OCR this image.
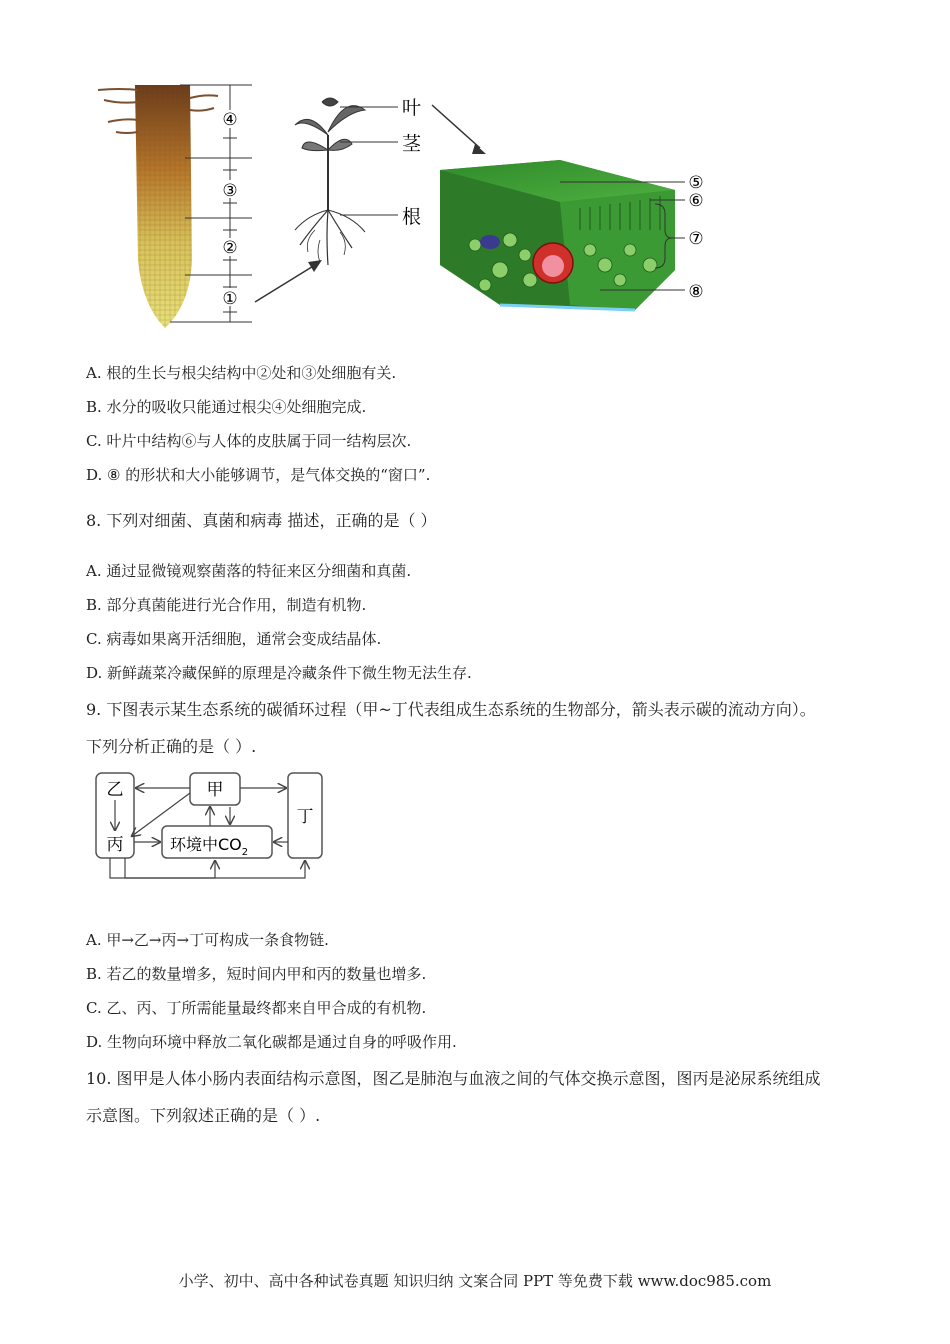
④
③
②
①
叶
茎
根
⑤
⑥
⑦
⑧
A. 根的生长与根尖结构中②处和③处细胞有关.
B. 水分的吸收只能通过根尖④处细胞完成.
C. 叶片中结构⑥与人体的皮肤属于同一结构层次.
D. ⑧ 的形状和大小能够调节，是气体交换的“窗口”.
8. 下列对细菌、真菌和病毒 描述，正确的是（ ）
A. 通过显微镜观察菌落的特征来区分细菌和真菌.
B. 部分真菌能进行光合作用，制造有机物.
C. 病毒如果离开活细胞，通常会变成结晶体.
D. 新鲜蔬菜冷藏保鲜的原理是冷藏条件下微生物无法生存.
9. 下图表示某生态系统的碳循环过程（甲~丁代表组成生态系统的生物部分，箭头表示碳的流动方向）。
下列分析正确的是（ ）.
乙
丙
甲
丁
环境中$CO_2$
A. 甲→乙→丙→丁可构成一条食物链.
B. 若乙的数量增多，短时间内甲和丙的数量也增多.
C. 乙、丙、丁所需能量最终都来自甲合成的有机物.
D. 生物向环境中释放二氧化碳都是通过自身的呼吸作用.
10. 图甲是人体小肠内表面结构示意图，图乙是肺泡与血液之间的气体交换示意图，图丙是泌尿系统组成
示意图。下列叙述正确的是（ ）.
小学、初中、高中各种试卷真题 知识归纳 文案合同 PPT 等免费下载 www.doc985.com
